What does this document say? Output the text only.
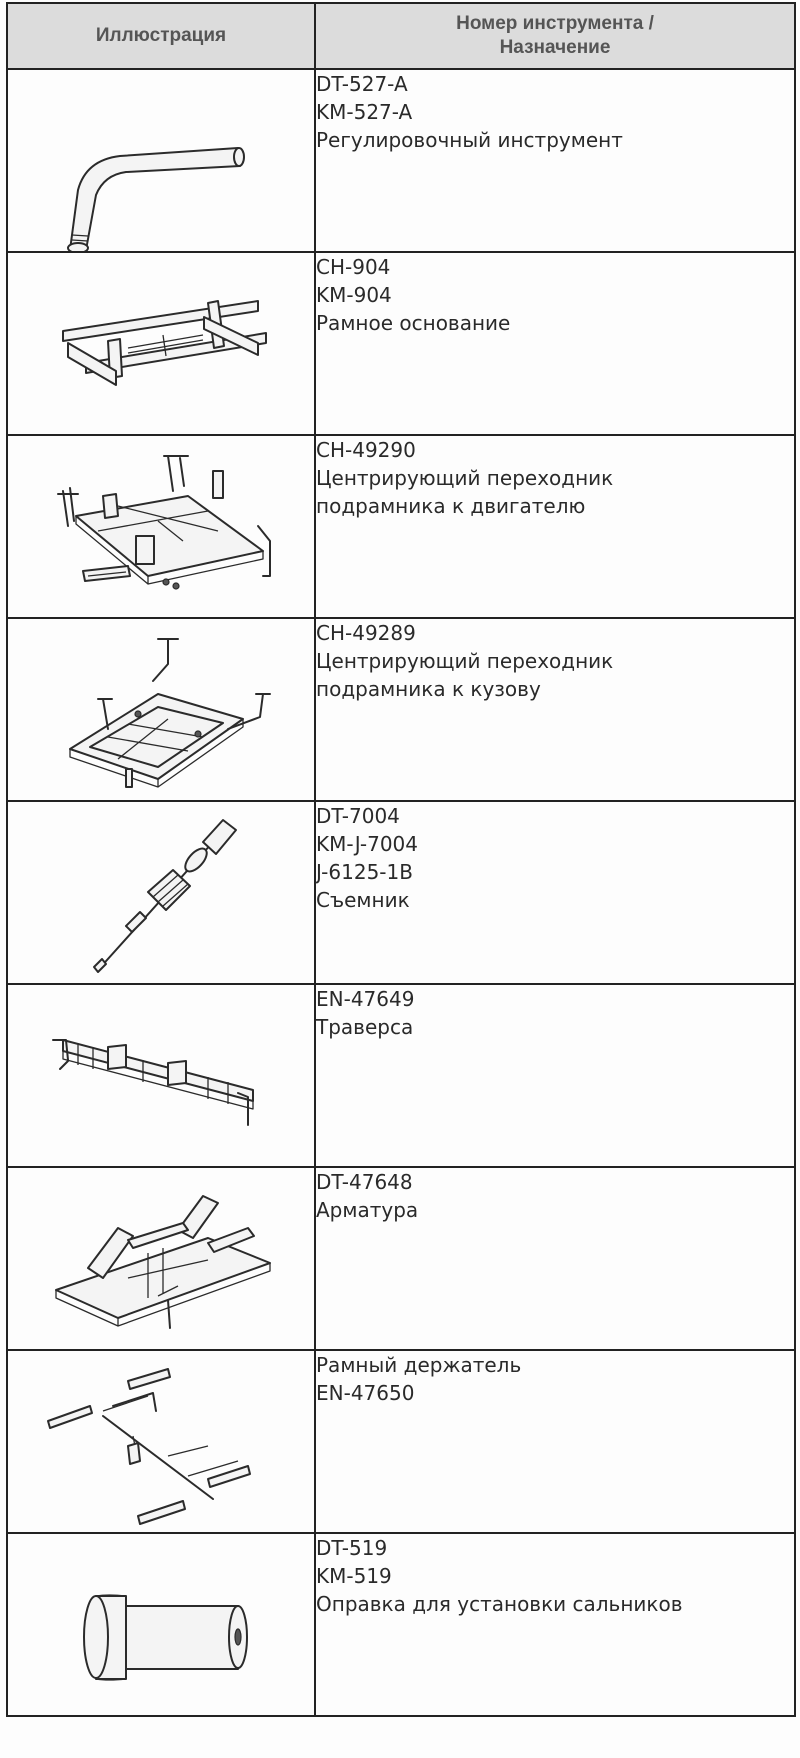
Иллюстрация	Номер инструмента /
Назначение

DT-527-A
KM-527-A
Регулировочный инструмент

CH-904
KM-904
Рамное основание

CH-49290
Центрирующий переходник
подрамника к двигателю

CH-49289
Центрирующий переходник
подрамника к кузову

DT-7004
KM-J-7004
J-6125-1B
Съемник

EN-47649
Траверса

DT-47648
Арматура

Рамный держатель
EN-47650

DT-519
KM-519
Оправка для установки сальников
